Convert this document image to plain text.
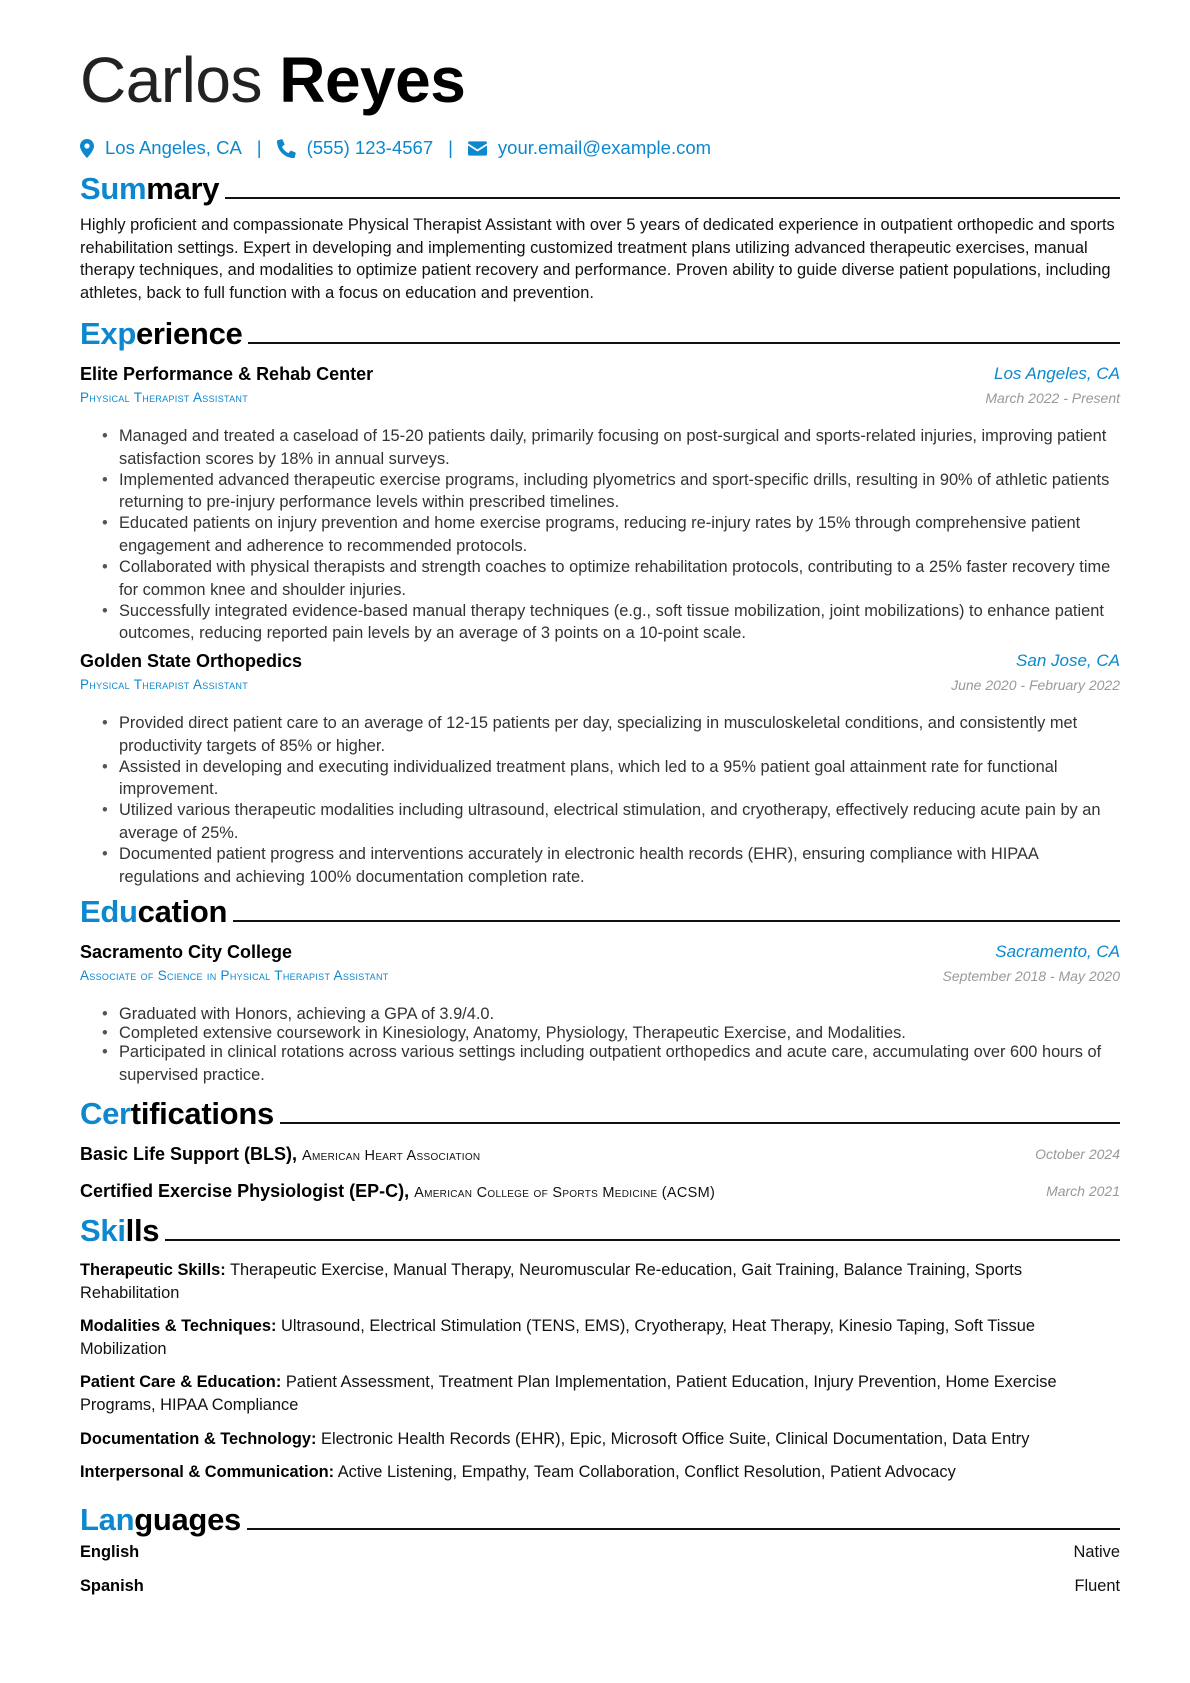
Carlos Reyes
Los Angeles, CA | (555) 123-4567 | your.email@example.com
Summary
Highly proficient and compassionate Physical Therapist Assistant with over 5 years of dedicated experience in outpatient orthopedic and sports rehabilitation settings. Expert in developing and implementing customized treatment plans utilizing advanced therapeutic exercises, manual therapy techniques, and modalities to optimize patient recovery and performance. Proven ability to guide diverse patient populations, including athletes, back to full function with a focus on education and prevention.
Experience
Elite Performance & Rehab Center	Los Angeles, CA
Physical Therapist Assistant	March 2022 - Present
• Managed and treated a caseload of 15-20 patients daily, primarily focusing on post-surgical and sports-related injuries, improving patient satisfaction scores by 18% in annual surveys.
• Implemented advanced therapeutic exercise programs, including plyometrics and sport-specific drills, resulting in 90% of athletic patients returning to pre-injury performance levels within prescribed timelines.
• Educated patients on injury prevention and home exercise programs, reducing re-injury rates by 15% through comprehensive patient engagement and adherence to recommended protocols.
• Collaborated with physical therapists and strength coaches to optimize rehabilitation protocols, contributing to a 25% faster recovery time for common knee and shoulder injuries.
• Successfully integrated evidence-based manual therapy techniques (e.g., soft tissue mobilization, joint mobilizations) to enhance patient outcomes, reducing reported pain levels by an average of 3 points on a 10-point scale.
Golden State Orthopedics	San Jose, CA
Physical Therapist Assistant	June 2020 - February 2022
• Provided direct patient care to an average of 12-15 patients per day, specializing in musculoskeletal conditions, and consistently met productivity targets of 85% or higher.
• Assisted in developing and executing individualized treatment plans, which led to a 95% patient goal attainment rate for functional improvement.
• Utilized various therapeutic modalities including ultrasound, electrical stimulation, and cryotherapy, effectively reducing acute pain by an average of 25%.
• Documented patient progress and interventions accurately in electronic health records (EHR), ensuring compliance with HIPAA regulations and achieving 100% documentation completion rate.
Education
Sacramento City College	Sacramento, CA
Associate of Science in Physical Therapist Assistant	September 2018 - May 2020
• Graduated with Honors, achieving a GPA of 3.9/4.0.
• Completed extensive coursework in Kinesiology, Anatomy, Physiology, Therapeutic Exercise, and Modalities.
• Participated in clinical rotations across various settings including outpatient orthopedics and acute care, accumulating over 600 hours of supervised practice.
Certifications
Basic Life Support (BLS), American Heart Association	October 2024
Certified Exercise Physiologist (EP-C), American College of Sports Medicine (ACSM)	March 2021
Skills
Therapeutic Skills: Therapeutic Exercise, Manual Therapy, Neuromuscular Re-education, Gait Training, Balance Training, Sports Rehabilitation
Modalities & Techniques: Ultrasound, Electrical Stimulation (TENS, EMS), Cryotherapy, Heat Therapy, Kinesio Taping, Soft Tissue Mobilization
Patient Care & Education: Patient Assessment, Treatment Plan Implementation, Patient Education, Injury Prevention, Home Exercise Programs, HIPAA Compliance
Documentation & Technology: Electronic Health Records (EHR), Epic, Microsoft Office Suite, Clinical Documentation, Data Entry
Interpersonal & Communication: Active Listening, Empathy, Team Collaboration, Conflict Resolution, Patient Advocacy
Languages
English	Native
Spanish	Fluent
